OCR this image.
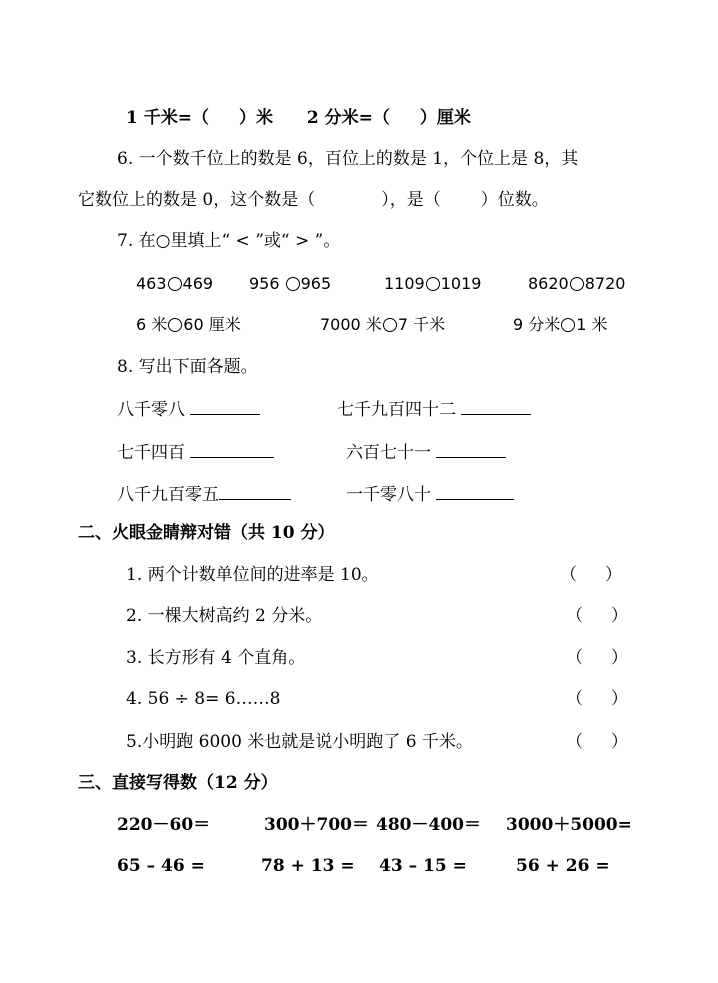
1 千米=（ ）米 2 分米=（ ）厘米
6. 一个数千位上的数是 6，百位上的数是 1，个位上是 8，其
它数位上的数是 0，这个数是（	），是（ ）位数。
7. 在○里填上“ < ”或“ > ”。
463 469 956 965	1109 1019	8620 8720
6 米 60 厘米	7000 米 7 千米	9 分米 1 米
8. 写出下面各题。
八千零八	七千九百四十二
七千四百	六百七十一
八千九百零五	一千零八十
二、火眼金睛辩对错（共 10 分）
1. 两个计数单位间的进率是 10。	（ ）
2. 一棵大树高约 2 分米。	（ ）
3. 长方形有 4 个直角。	（ ）
4. 56 ÷ 8= 6……8	（ ）
5.小明跑 6000 米也就是说小明跑了 6 千米。	（ ）
三、直接写得数（12 分）
220－60＝	300＋700＝ 480－400＝ 3000＋5000=
65 – 46 =	78 + 13 = 43 – 15 =	56 + 26 =
